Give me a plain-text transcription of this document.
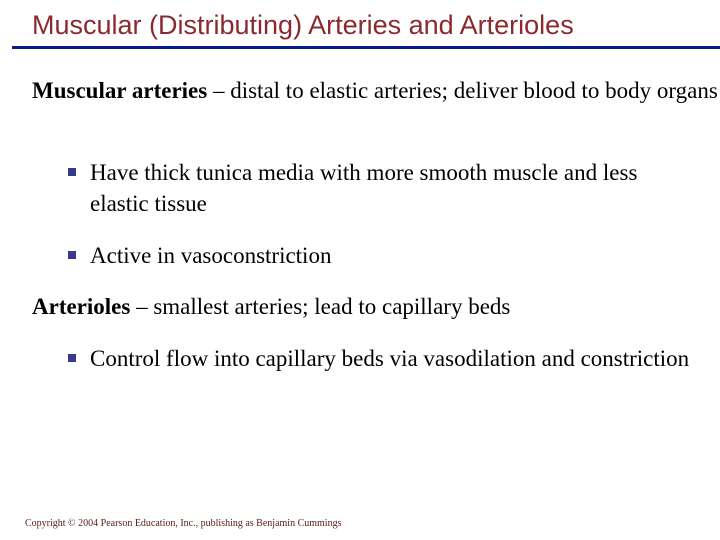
Muscular (Distributing) Arteries and Arterioles
Muscular arteries – distal to elastic arteries; deliver blood to body organs
Have thick tunica media with more smooth muscle and less elastic tissue
Active in vasoconstriction
Arterioles – smallest arteries; lead to capillary beds
Control flow into capillary beds via vasodilation and constriction
Copyright © 2004 Pearson Education, Inc., publishing as Benjamin Cummings
